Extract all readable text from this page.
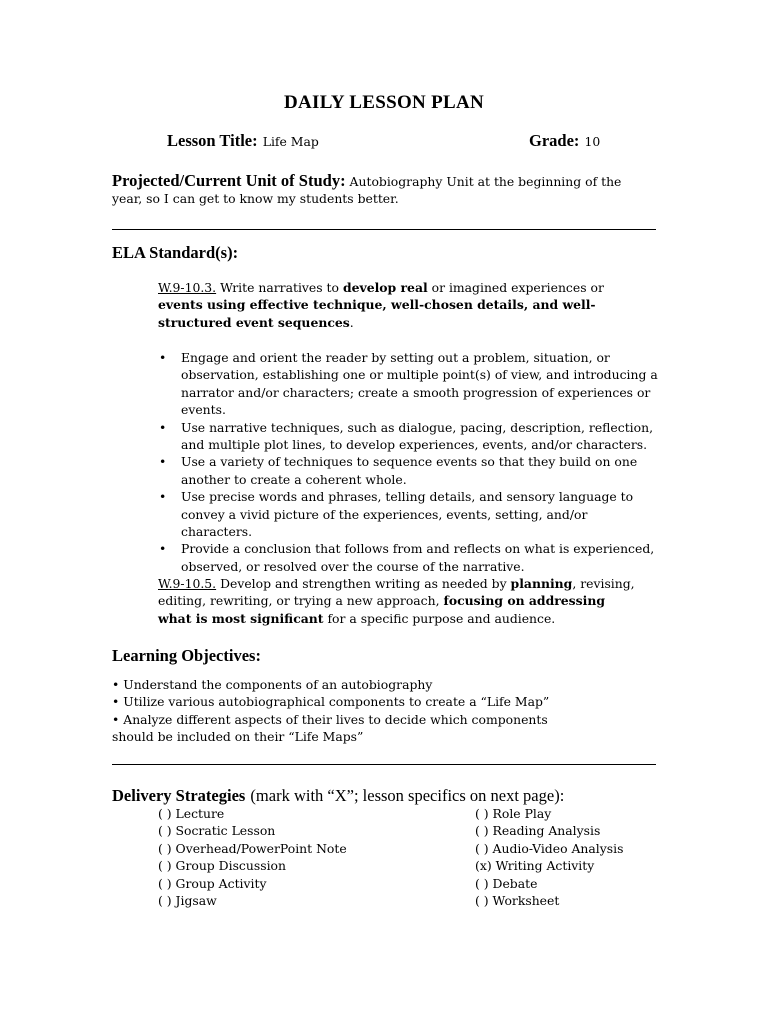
DAILY LESSON PLAN
Lesson Title: Life Map	Grade: 10
Projected/Current Unit of Study: Autobiography Unit at the beginning of the year, so I can get to know my students better.
ELA Standard(s):
W.9-10.3. Write narratives to develop real or imagined experiences or events using effective technique, well-chosen details, and well-structured event sequences.
• Engage and orient the reader by setting out a problem, situation, or observation, establishing one or multiple point(s) of view, and introducing a narrator and/or characters; create a smooth progression of experiences or events.
• Use narrative techniques, such as dialogue, pacing, description, reflection, and multiple plot lines, to develop experiences, events, and/or characters.
• Use a variety of techniques to sequence events so that they build on one another to create a coherent whole.
• Use precise words and phrases, telling details, and sensory language to convey a vivid picture of the experiences, events, setting, and/or characters.
• Provide a conclusion that follows from and reflects on what is experienced, observed, or resolved over the course of the narrative.
W.9-10.5. Develop and strengthen writing as needed by planning, revising, editing, rewriting, or trying a new approach, focusing on addressing what is most significant for a specific purpose and audience.
Learning Objectives:
• Understand the components of an autobiography
• Utilize various autobiographical components to create a “Life Map”
• Analyze different aspects of their lives to decide which components should be included on their “Life Maps”
Delivery Strategies (mark with “X”; lesson specifics on next page):
( ) Lecture
( ) Socratic Lesson
( ) Overhead/PowerPoint Note
( ) Group Discussion
( ) Group Activity
( ) Jigsaw
( ) Role Play
( ) Reading Analysis
( ) Audio-Video Analysis
(x) Writing Activity
( ) Debate
( ) Worksheet
